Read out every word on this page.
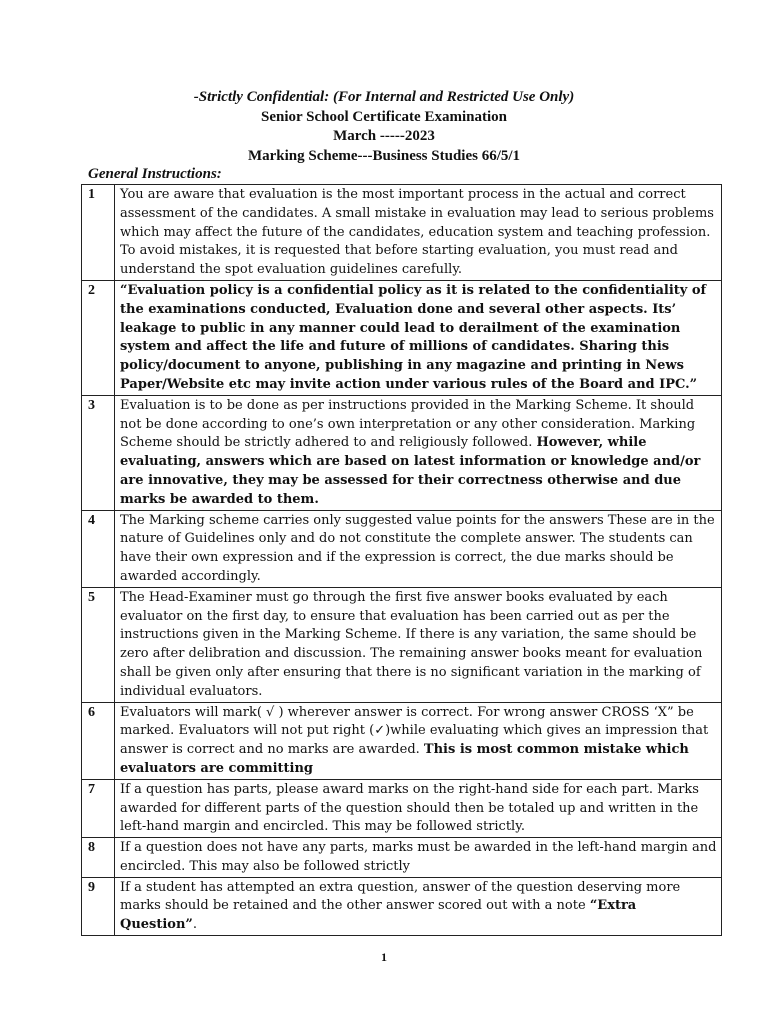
-Strictly Confidential: (For Internal and Restricted Use Only)
Senior School Certificate Examination
March -----2023
Marking Scheme---Business Studies 66/5/1
General Instructions:
1	You are aware that evaluation is the most important process in the actual and correct assessment of the candidates. A small mistake in evaluation may lead to serious problems which may affect the future of the candidates, education system and teaching profession. To avoid mistakes, it is requested that before starting evaluation, you must read and understand the spot evaluation guidelines carefully.
2	“Evaluation policy is a confidential policy as it is related to the confidentiality of the examinations conducted, Evaluation done and several other aspects. Its’ leakage to public in any manner could lead to derailment of the examination system and affect the life and future of millions of candidates. Sharing this policy/document to anyone, publishing in any magazine and printing in News Paper/Website etc may invite action under various rules of the Board and IPC.”
3	Evaluation is to be done as per instructions provided in the Marking Scheme. It should not be done according to one’s own interpretation or any other consideration. Marking Scheme should be strictly adhered to and religiously followed. However, while evaluating, answers which are based on latest information or knowledge and/or are innovative, they may be assessed for their correctness otherwise and due marks be awarded to them.
4	The Marking scheme carries only suggested value points for the answers These are in the nature of Guidelines only and do not constitute the complete answer. The students can have their own expression and if the expression is correct, the due marks should be awarded accordingly.
5	The Head-Examiner must go through the first five answer books evaluated by each evaluator on the first day, to ensure that evaluation has been carried out as per the instructions given in the Marking Scheme. If there is any variation, the same should be zero after delibration and discussion. The remaining answer books meant for evaluation shall be given only after ensuring that there is no significant variation in the marking of individual evaluators.
6	Evaluators will mark( √ ) wherever answer is correct. For wrong answer CROSS ‘X” be marked. Evaluators will not put right (✓)while evaluating which gives an impression that answer is correct and no marks are awarded. This is most common mistake which evaluators are committing
7	If a question has parts, please award marks on the right-hand side for each part. Marks awarded for different parts of the question should then be totaled up and written in the left-hand margin and encircled. This may be followed strictly.
8	If a question does not have any parts, marks must be awarded in the left-hand margin and encircled. This may also be followed strictly
9	If a student has attempted an extra question, answer of the question deserving more marks should be retained and the other answer scored out with a note “Extra Question”.
1
